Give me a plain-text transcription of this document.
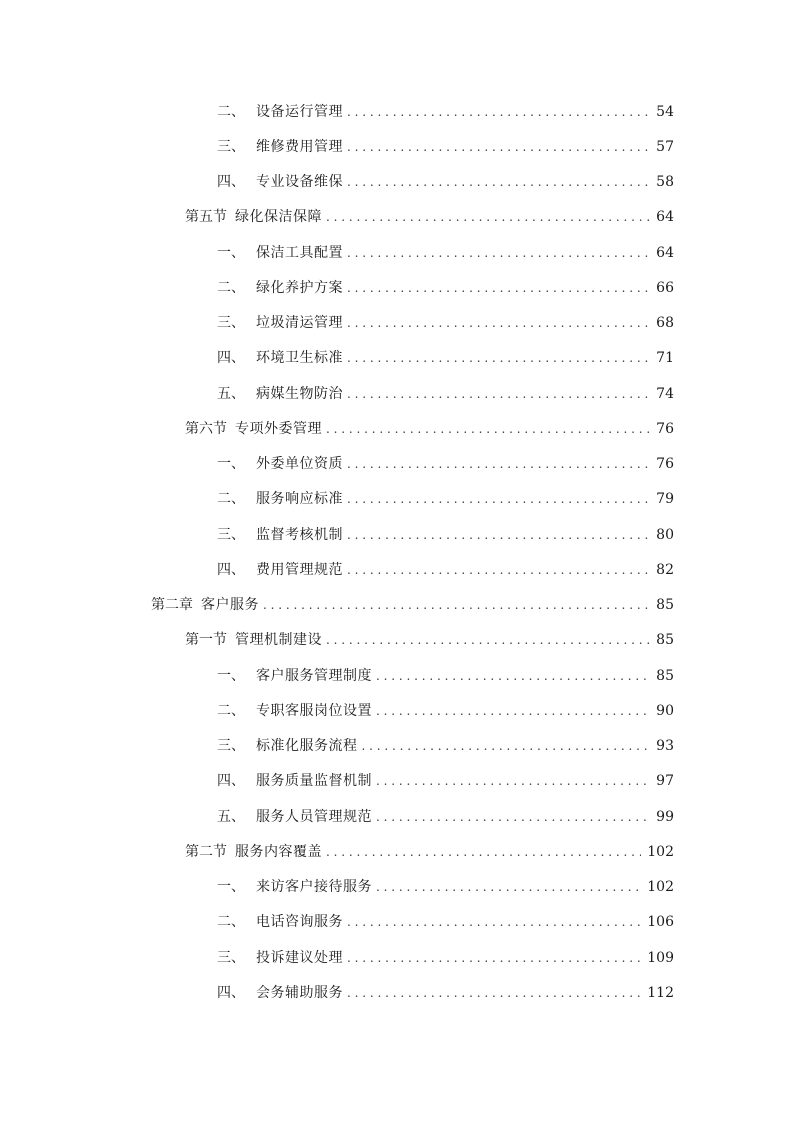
二、 设备运行管理 . . .	54
三、 维修费用管理 . . .	57
四、 专业设备维保 . . .	58
第五节 绿化保洁保障 . . .	64
一、 保洁工具配置 . . .	64
二、 绿化养护方案 . . .	66
三、 垃圾清运管理 . . .	68
四、 环境卫生标准 . . .	71
五、 病媒生物防治 . . .	74
第六节 专项外委管理 . . .	76
一、 外委单位资质 . . .	76
二、 服务响应标准 . . .	79
三、 监督考核机制 . . .	80
四、 费用管理规范 . . .	82
第二章 客户服务 . . .	85
第一节 管理机制建设 . . .	85
一、 客户服务管理制度 . . .	85
二、 专职客服岗位设置 . . .	90
三、 标准化服务流程 . . .	93
四、 服务质量监督机制 . . .	97
五、 服务人员管理规范 . . .	99
第二节 服务内容覆盖 . . .	102
一、 来访客户接待服务 . . .	102
二、 电话咨询服务 . . .	106
三、 投诉建议处理 . . .	109
四、 会务辅助服务 . . .	112
